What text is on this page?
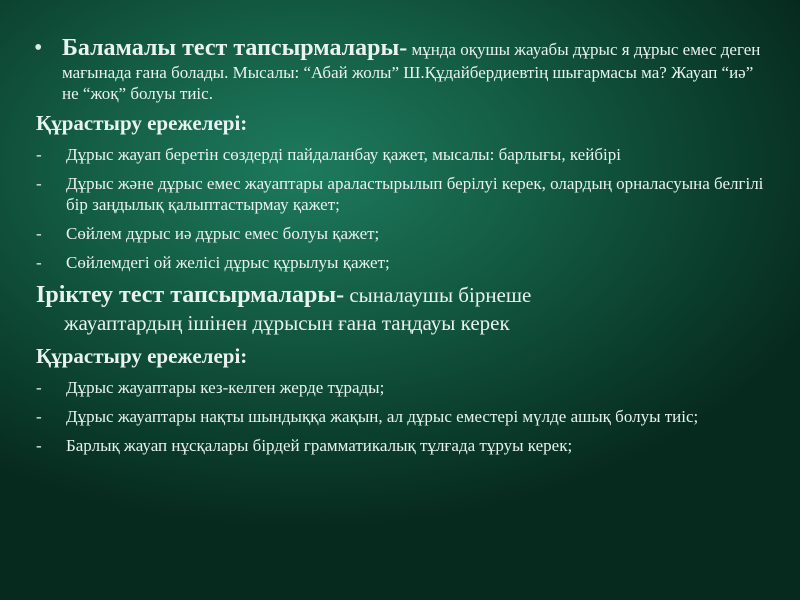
• Баламалы тест тапсырмалары- мұнда оқушы жауабы дұрыс я дұрыс емес деген мағынада ғана болады. Мысалы: “Абай жолы” Ш.Құдайбердиевтің шығармасы ма? Жауап “иә” не “жоқ” болуы тиіс.
Құрастыру ережелері:
-	Дұрыс жауап беретін сөздерді пайдаланбау қажет, мысалы: барлығы, кейбірі
-	Дұрыс және дұрыс емес жауаптары араластырылып берілуі керек, олардың орналасуына белгілі бір заңдылық қалыптастырмау қажет;
-	Сөйлем дұрыс иә дұрыс емес болуы қажет;
-	Сөйлемдегі ой желісі дұрыс құрылуы қажет;
Іріктеу тест тапсырмалары- сыналаушы бірнеше
жауаптардың ішінен дұрысын ғана таңдауы керек
Құрастыру ережелері:
-	Дұрыс жауаптары кез-келген жерде тұрады;
-	Дұрыс жауаптары нақты шындыққа жақын, ал дұрыс еместері мүлде ашық болуы тиіс;
-	Барлық жауап нұсқалары бірдей грамматикалық тұлғада тұруы керек;
